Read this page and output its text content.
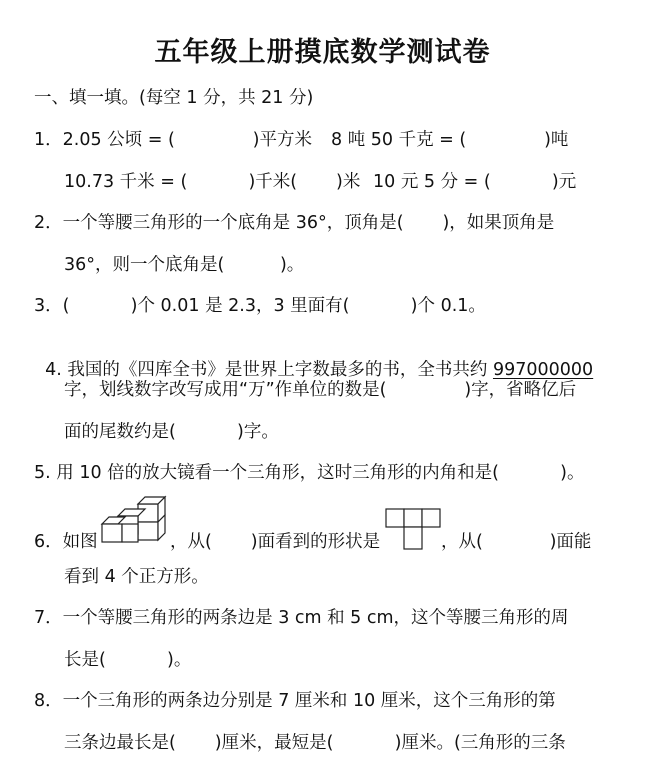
五年级上册摸底数学测试卷
一、填一填。(每空 1 分，共 21 分)
1．2.05 公顷 = (              )平方米 8 吨 50 千克 = (              )吨
10.73 千米 = (           )千米(       )米 10 元 5 分 = (           )元
2．一个等腰三角形的一个底角是 36°，顶角是(       )，如果顶角是
36°，则一个底角是(          )。
3．(           )个 0.01 是 2.3，3 里面有(           )个 0.1。

4. 我国的《四库全书》是世界上字数最多的书，全书共约 997000000

字，划线数字改写成用“万”作单位的数是(              )字，省略亿后
面的尾数约是(           )字。
5. 用 10 倍的放大镜看一个三角形，这时三角形的内角和是(           )。
6．如图	，从(       )面看到的形状是	，从(            )面能
看到 4 个正方形。
7．一个等腰三角形的两条边是 3 cm 和 5 cm，这个等腰三角形的周
长是(           )。
8．一个三角形的两条边分别是 7 厘米和 10 厘米，这个三角形的第
三条边最长是(       )厘米，最短是(           )厘米。(三角形的三条
